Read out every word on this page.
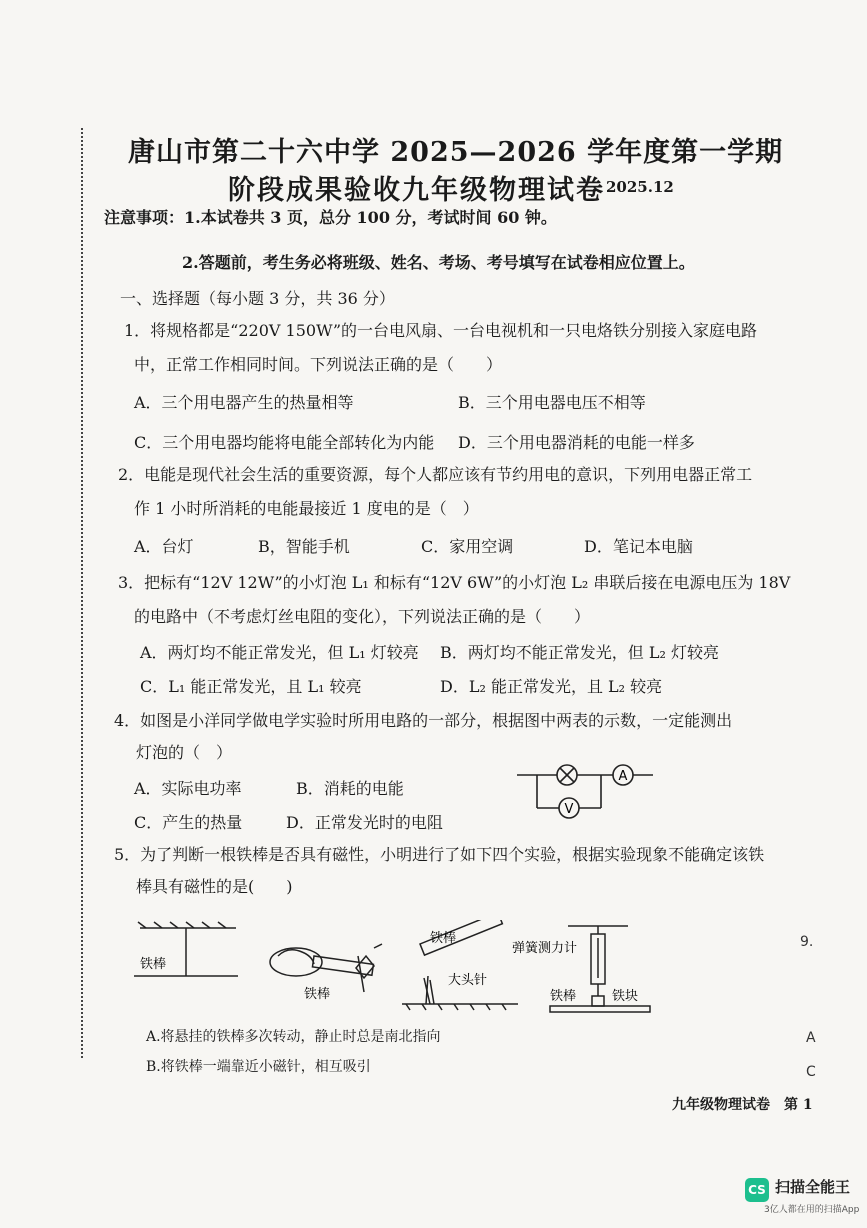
唐山市第二十六中学 2025—2026 学年度第一学期
阶段成果验收九年级物理试卷 2025.12
注意事项：1.本试卷共 3 页，总分 100 分，考试时间 60 钟。
2.答题前，考生务必将班级、姓名、考场、考号填写在试卷相应位置上。
一、选择题（每小题 3 分，共 36 分）
1．将规格都是“220V 150W”的一台电风扇、一台电视机和一只电烙铁分别接入家庭电路
中，正常工作相同时间。下列说法正确的是（　　）
A．三个用电器产生的热量相等	B．三个用电器电压不相等
C．三个用电器均能将电能全部转化为内能 D．三个用电器消耗的电能一样多
2．电能是现代社会生活的重要资源，每个人都应该有节约用电的意识，下列用电器正常工
作 1 小时所消耗的电能最接近 1 度电的是（　）
A．台灯	B，智能手机	C．家用空调	D．笔记本电脑
3．把标有“12V 12W”的小灯泡 L₁ 和标有“12V 6W”的小灯泡 L₂ 串联后接在电源电压为 18V
的电路中（不考虑灯丝电阻的变化），下列说法正确的是（　　）
A．两灯均不能正常发光，但 L₁ 灯较亮 B．两灯均不能正常发光，但 L₂ 灯较亮
C．L₁ 能正常发光，且 L₁ 较亮	D．L₂ 能正常发光，且 L₂ 较亮
4．如图是小洋同学做电学实验时所用电路的一部分，根据图中两表的示数，一定能测出
灯泡的（　）
A．实际电功率	B．消耗的电能
C．产生的热量	D．正常发光时的电阻
A
V
5．为了判断一根铁棒是否具有磁性，小明进行了如下四个实验，根据实验现象不能确定该铁
棒具有磁性的是(　　)
铁棒
铁棒
铁棒
大头针
弹簧测力计
铁棒	铁块
A.将悬挂的铁棒多次转动，静止时总是南北指向
B.将铁棒一端靠近小磁针，相互吸引
九年级物理试卷　第 1
9.
A
C
CS 扫描全能王
3亿人都在用的扫描App
